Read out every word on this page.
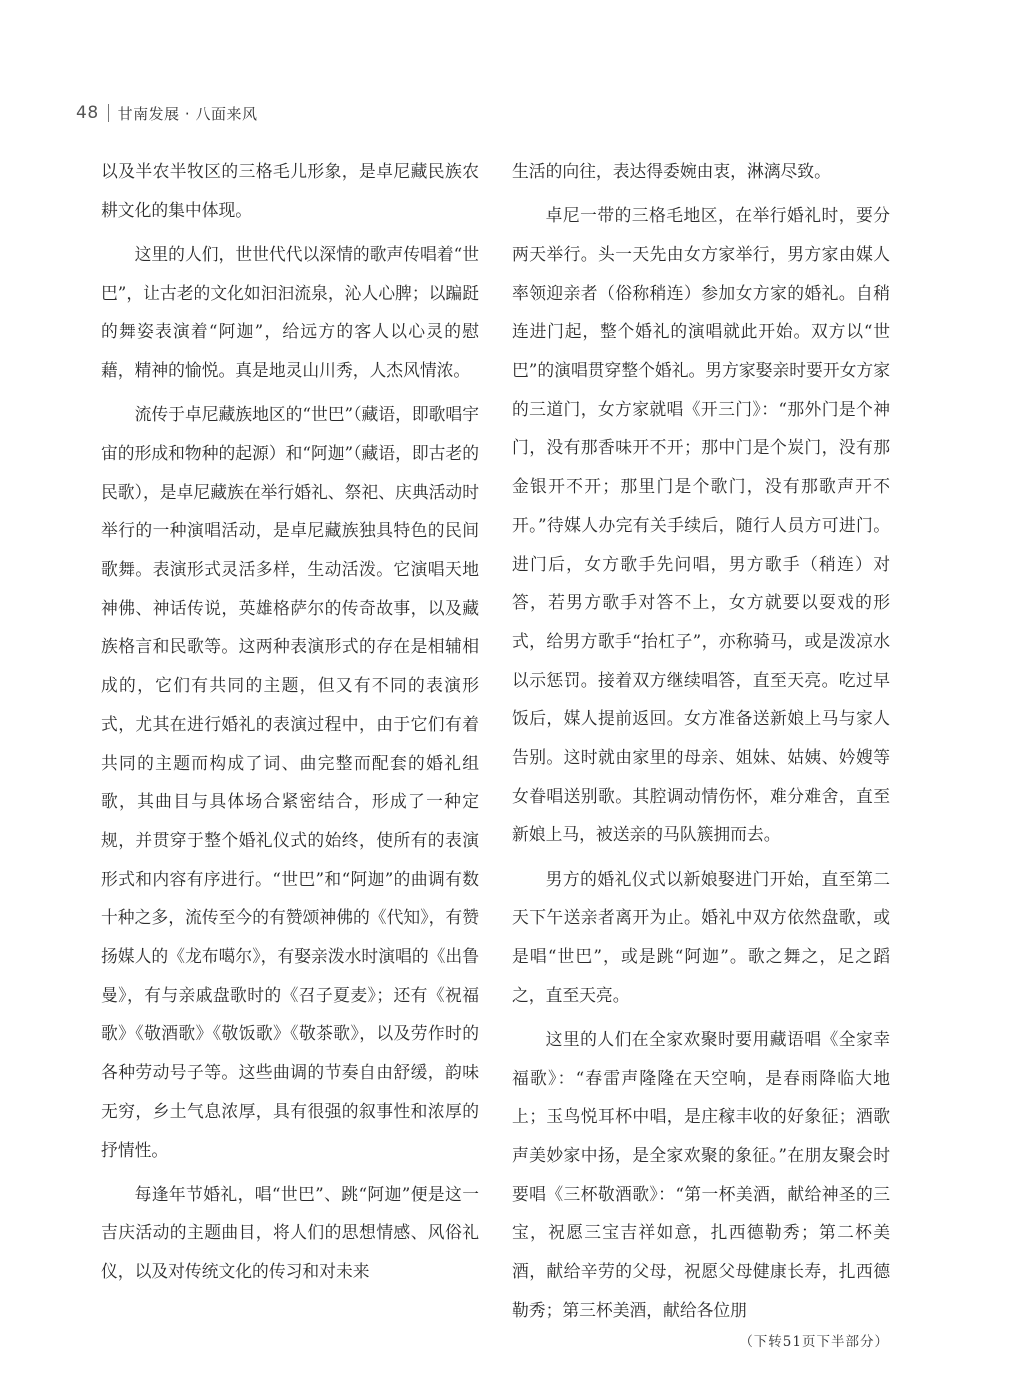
48 甘南发展 · 八面来风

以及半农半牧区的三格毛儿形象，是卓尼藏民族农耕文化的集中体现。

这里的人们，世世代代以深情的歌声传唱着“世巴”，让古老的文化如汩汩流泉，沁人心脾；以蹁跹的舞姿表演着“阿迦”，给远方的客人以心灵的慰藉，精神的愉悦。真是地灵山川秀，人杰风情浓。

流传于卓尼藏族地区的“世巴”（藏语，即歌唱宇宙的形成和物种的起源）和“阿迦”（藏语，即古老的民歌），是卓尼藏族在举行婚礼、祭祀、庆典活动时举行的一种演唱活动，是卓尼藏族独具特色的民间歌舞。表演形式灵活多样，生动活泼。它演唱天地神佛、神话传说，英雄格萨尔的传奇故事，以及藏族格言和民歌等。这两种表演形式的存在是相辅相成的，它们有共同的主题，但又有不同的表演形式，尤其在进行婚礼的表演过程中，由于它们有着共同的主题而构成了词、曲完整而配套的婚礼组歌，其曲目与具体场合紧密结合，形成了一种定规，并贯穿于整个婚礼仪式的始终，使所有的表演形式和内容有序进行。“世巴”和“阿迦”的曲调有数十种之多，流传至今的有赞颂神佛的《代知》，有赞扬媒人的《龙布噶尔》，有娶亲泼水时演唱的《出鲁曼》，有与亲戚盘歌时的《召子夏麦》；还有《祝福歌》《敬酒歌》《敬饭歌》《敬茶歌》，以及劳作时的各种劳动号子等。这些曲调的节奏自由舒缓，韵味无穷，乡土气息浓厚，具有很强的叙事性和浓厚的抒情性。

每逢年节婚礼，唱“世巴”、跳“阿迦”便是这一吉庆活动的主题曲目，将人们的思想情感、风俗礼仪，以及对传统文化的传习和对未来

生活的向往，表达得委婉由衷，淋漓尽致。

卓尼一带的三格毛地区，在举行婚礼时，要分两天举行。头一天先由女方家举行，男方家由媒人率领迎亲者（俗称稍连）参加女方家的婚礼。自稍连进门起，整个婚礼的演唱就此开始。双方以“世巴”的演唱贯穿整个婚礼。男方家娶亲时要开女方家的三道门，女方家就唱《开三门》：“那外门是个神门，没有那香味开不开；那中门是个炭门，没有那金银开不开；那里门是个歌门，没有那歌声开不开。”待媒人办完有关手续后，随行人员方可进门。进门后，女方歌手先问唱，男方歌手（稍连）对答，若男方歌手对答不上，女方就要以耍戏的形式，给男方歌手“抬杠子”，亦称骑马，或是泼凉水以示惩罚。接着双方继续唱答，直至天亮。吃过早饭后，媒人提前返回。女方准备送新娘上马与家人告别。这时就由家里的母亲、姐妹、姑姨、妗嫂等女眷唱送别歌。其腔调动情伤怀，难分难舍，直至新娘上马，被送亲的马队簇拥而去。

男方的婚礼仪式以新娘娶进门开始，直至第二天下午送亲者离开为止。婚礼中双方依然盘歌，或是唱“世巴”，或是跳“阿迦”。歌之舞之，足之蹈之，直至天亮。

这里的人们在全家欢聚时要用藏语唱《全家幸福歌》：“春雷声隆隆在天空响，是春雨降临大地上；玉鸟悦耳杯中唱，是庄稼丰收的好象征；酒歌声美妙家中扬，是全家欢聚的象征。”在朋友聚会时要唱《三杯敬酒歌》：“第一杯美酒，献给神圣的三宝，祝愿三宝吉祥如意，扎西德勒秀；第二杯美酒，献给辛劳的父母，祝愿父母健康长寿，扎西德勒秀；第三杯美酒，献给各位朋

（下转51页下半部分）
